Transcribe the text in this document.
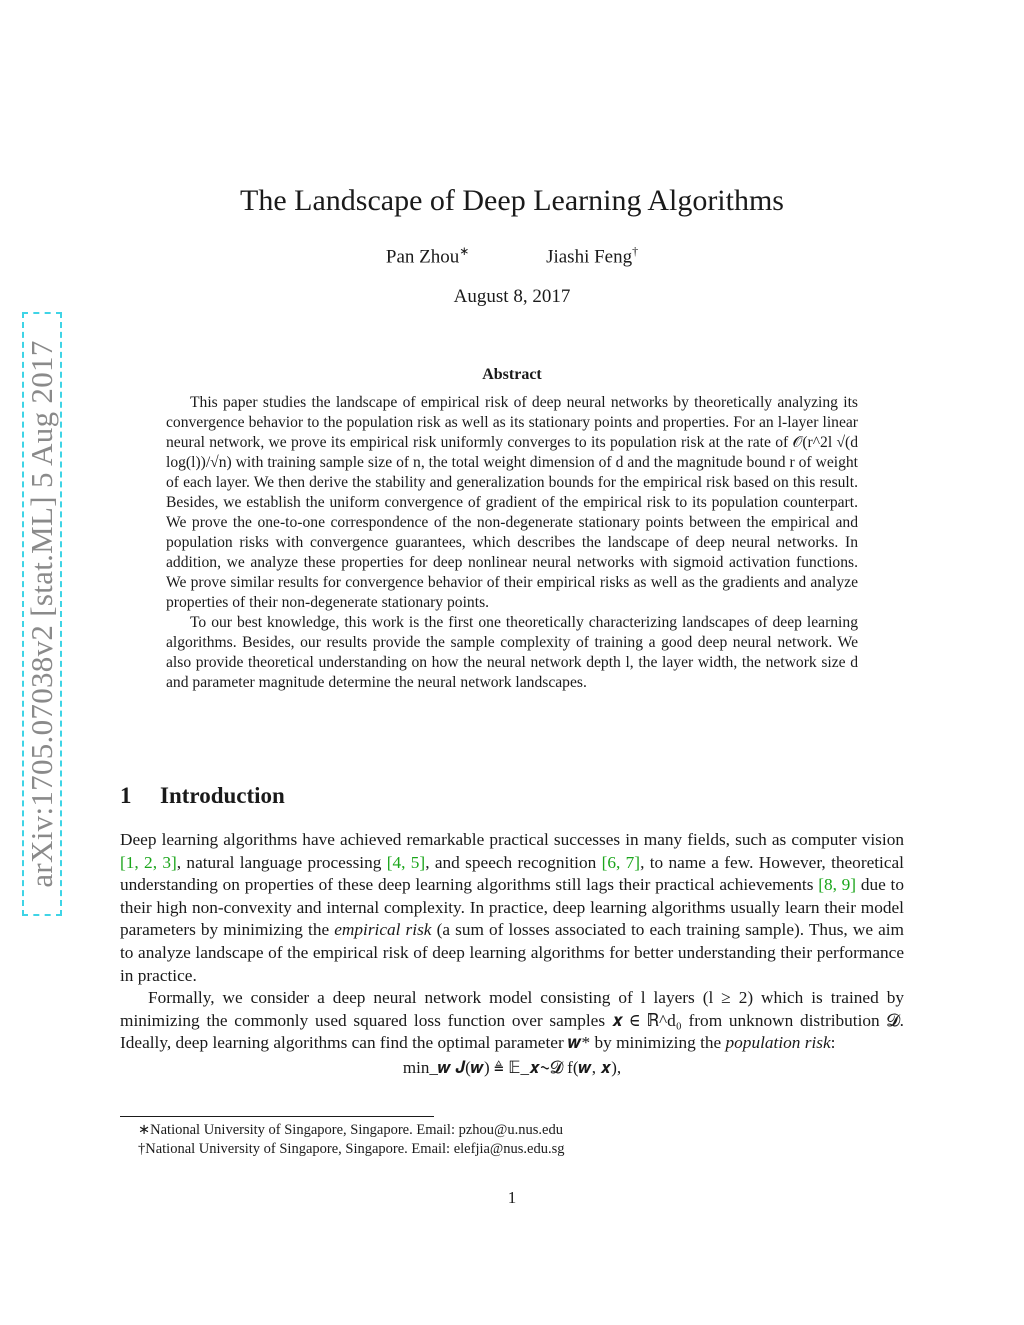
arXiv:1705.07038v2 [stat.ML] 5 Aug 2017
The Landscape of Deep Learning Algorithms
Pan Zhou∗	Jiashi Feng†
August 8, 2017
Abstract

This paper studies the landscape of empirical risk of deep neural networks by theoretically analyzing its convergence behavior to the population risk as well as its stationary points and properties. For an l-layer linear neural network, we prove its empirical risk uniformly converges to its population risk at the rate of 𝒪(r^2l √(d log(l))/√n) with training sample size of n, the total weight dimension of d and the magnitude bound r of weight of each layer. We then derive the stability and generalization bounds for the empirical risk based on this result. Besides, we establish the uniform convergence of gradient of the empirical risk to its population counterpart. We prove the one-to-one correspondence of the non-degenerate stationary points between the empirical and population risks with convergence guarantees, which describes the landscape of deep neural networks. In addition, we analyze these properties for deep nonlinear neural networks with sigmoid activation functions. We prove similar results for convergence behavior of their empirical risks as well as the gradients and analyze properties of their non-degenerate stationary points.

To our best knowledge, this work is the first one theoretically characterizing landscapes of deep learning algorithms. Besides, our results provide the sample complexity of training a good deep neural network. We also provide theoretical understanding on how the neural network depth l, the layer width, the network size d and parameter magnitude determine the neural network landscapes.

1 Introduction

Deep learning algorithms have achieved remarkable practical successes in many fields, such as computer vision [1, 2, 3], natural language processing [4, 5], and speech recognition [6, 7], to name a few. However, theoretical understanding on properties of these deep learning algorithms still lags their practical achievements [8, 9] due to their high non-convexity and internal complexity. In practice, deep learning algorithms usually learn their model parameters by minimizing the empirical risk (a sum of losses associated to each training sample). Thus, we aim to analyze landscape of the empirical risk of deep learning algorithms for better understanding their performance in practice.

Formally, we consider a deep neural network model consisting of l layers (l ≥ 2) which is trained by minimizing the commonly used squared loss function over samples 𝒙 ∈ ℝ^d₀ from unknown distribution 𝓓. Ideally, deep learning algorithms can find the optimal parameter 𝒘* by minimizing the population risk:

min_𝒘 𝑱(𝒘) ≜ 𝔼_𝒙∼𝓓 f(𝒘, 𝒙),
∗National University of Singapore, Singapore. Email: pzhou@u.nus.edu
†National University of Singapore, Singapore. Email: elefjia@nus.edu.sg
1
